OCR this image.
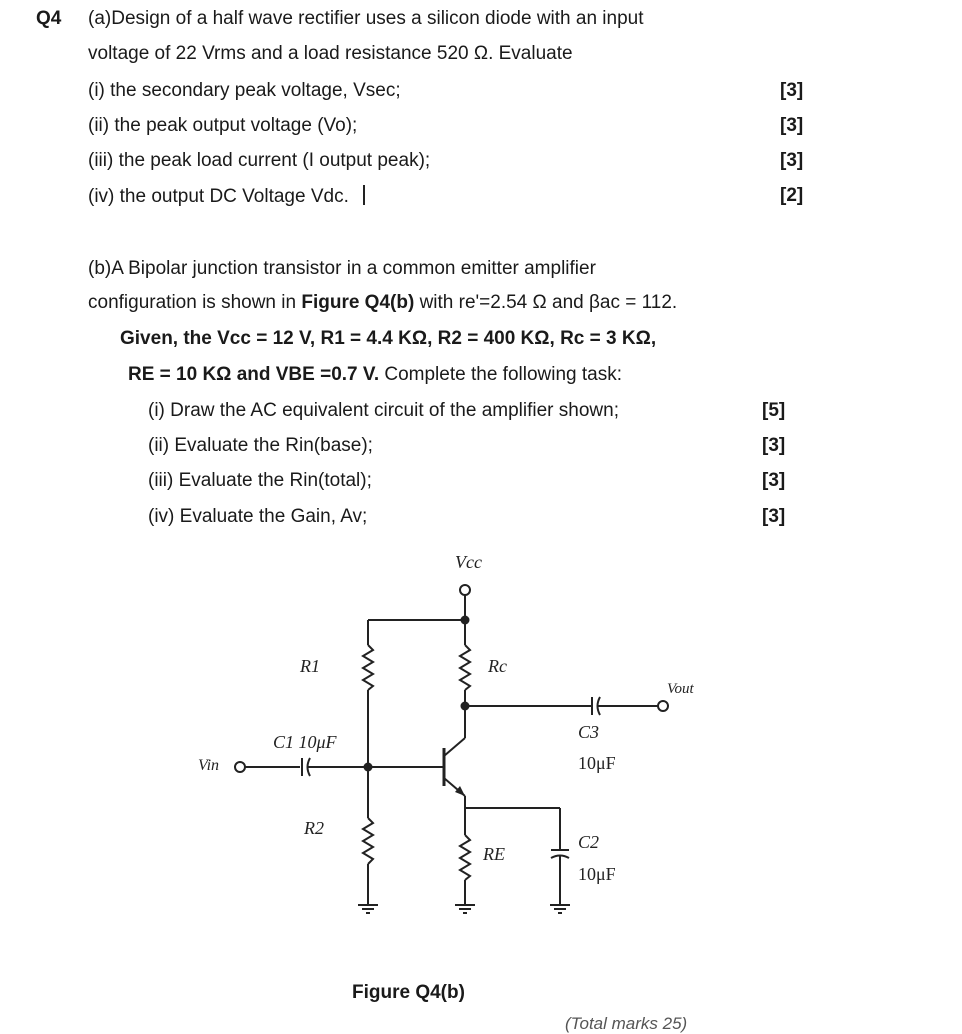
Q4 (a)Design of a half wave rectifier uses a silicon diode with an input
voltage of 22 Vrms and a load resistance 520 Ω. Evaluate
(i) the secondary peak voltage, Vsec;	[3]
(ii) the peak output voltage (Vo);	[3]
(iii) the peak load current (I output peak);	[3]
(iv) the output DC Voltage Vdc.	[2]
(b)A Bipolar junction transistor in a common emitter amplifier
configuration is shown in Figure Q4(b) with re'=2.54 Ω and βac = 112.
Given, the Vcc = 12 V, R1 = 4.4 KΩ, R2 = 400 KΩ, Rc = 3 KΩ,
RE = 10 KΩ and VBE =0.7 V. Complete the following task:
(i) Draw the AC equivalent circuit of the amplifier shown;	[5]
(ii) Evaluate the Rin(base);	[3]
(iii) Evaluate the Rin(total);	[3]
(iv) Evaluate the Gain, Av;	[3]
Vcc
R1	Rc
Vout
C1 10μF
Vin
C3
10μF
R2
RE
C2
10μF
Figure Q4(b)
(Total marks 25)
